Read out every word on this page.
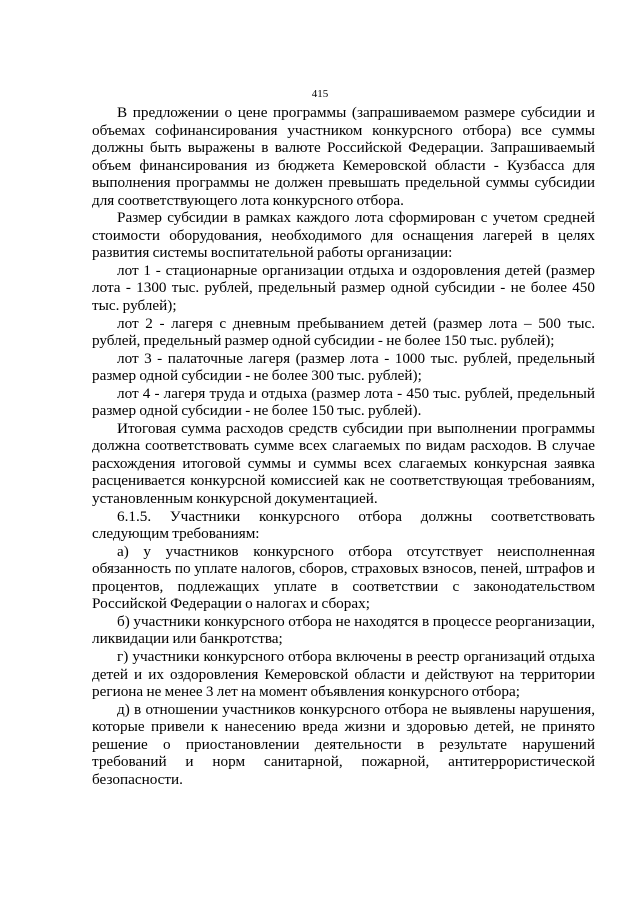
415

В предложении о цене программы (запрашиваемом размере субсидии и объемах софинансирования участником конкурсного отбора) все суммы должны быть выражены в валюте Российской Федерации. Запрашиваемый объем финансирования из бюджета Кемеровской области - Кузбасса для выполнения программы не должен превышать предельной суммы субсидии для соответствующего лота конкурсного отбора.

Размер субсидии в рамках каждого лота сформирован с учетом средней стоимости оборудования, необходимого для оснащения лагерей в целях развития системы воспитательной работы организации:

лот 1 - стационарные организации отдыха и оздоровления детей (размер лота - 1300 тыс. рублей, предельный размер одной субсидии - не более 450 тыс. рублей);

лот 2 - лагеря с дневным пребыванием детей (размер лота – 500 тыс. рублей, предельный размер одной субсидии - не более 150 тыс. рублей);

лот 3 - палаточные лагеря (размер лота - 1000 тыс. рублей, предельный размер одной субсидии - не более 300 тыс. рублей);

лот 4 - лагеря труда и отдыха (размер лота - 450 тыс. рублей, предельный размер одной субсидии - не более 150 тыс. рублей).

Итоговая сумма расходов средств субсидии при выполнении программы должна соответствовать сумме всех слагаемых по видам расходов. В случае расхождения итоговой суммы и суммы всех слагаемых конкурсная заявка расценивается конкурсной комиссией как не соответствующая требованиям, установленным конкурсной документацией.

6.1.5. Участники конкурсного отбора должны соответствовать следующим требованиям:

а) у участников конкурсного отбора отсутствует неисполненная обязанность по уплате налогов, сборов, страховых взносов, пеней, штрафов и процентов, подлежащих уплате в соответствии с законодательством Российской Федерации о налогах и сборах;

б) участники конкурсного отбора не находятся в процессе реорганизации, ликвидации или банкротства;

г) участники конкурсного отбора включены в реестр организаций отдыха детей и их оздоровления Кемеровской области и действуют на территории региона не менее 3 лет на момент объявления конкурсного отбора;

д) в отношении участников конкурсного отбора не выявлены нарушения, которые привели к нанесению вреда жизни и здоровью детей, не принято решение о приостановлении деятельности в результате нарушений требований и норм санитарной, пожарной, антитеррористической безопасности.
